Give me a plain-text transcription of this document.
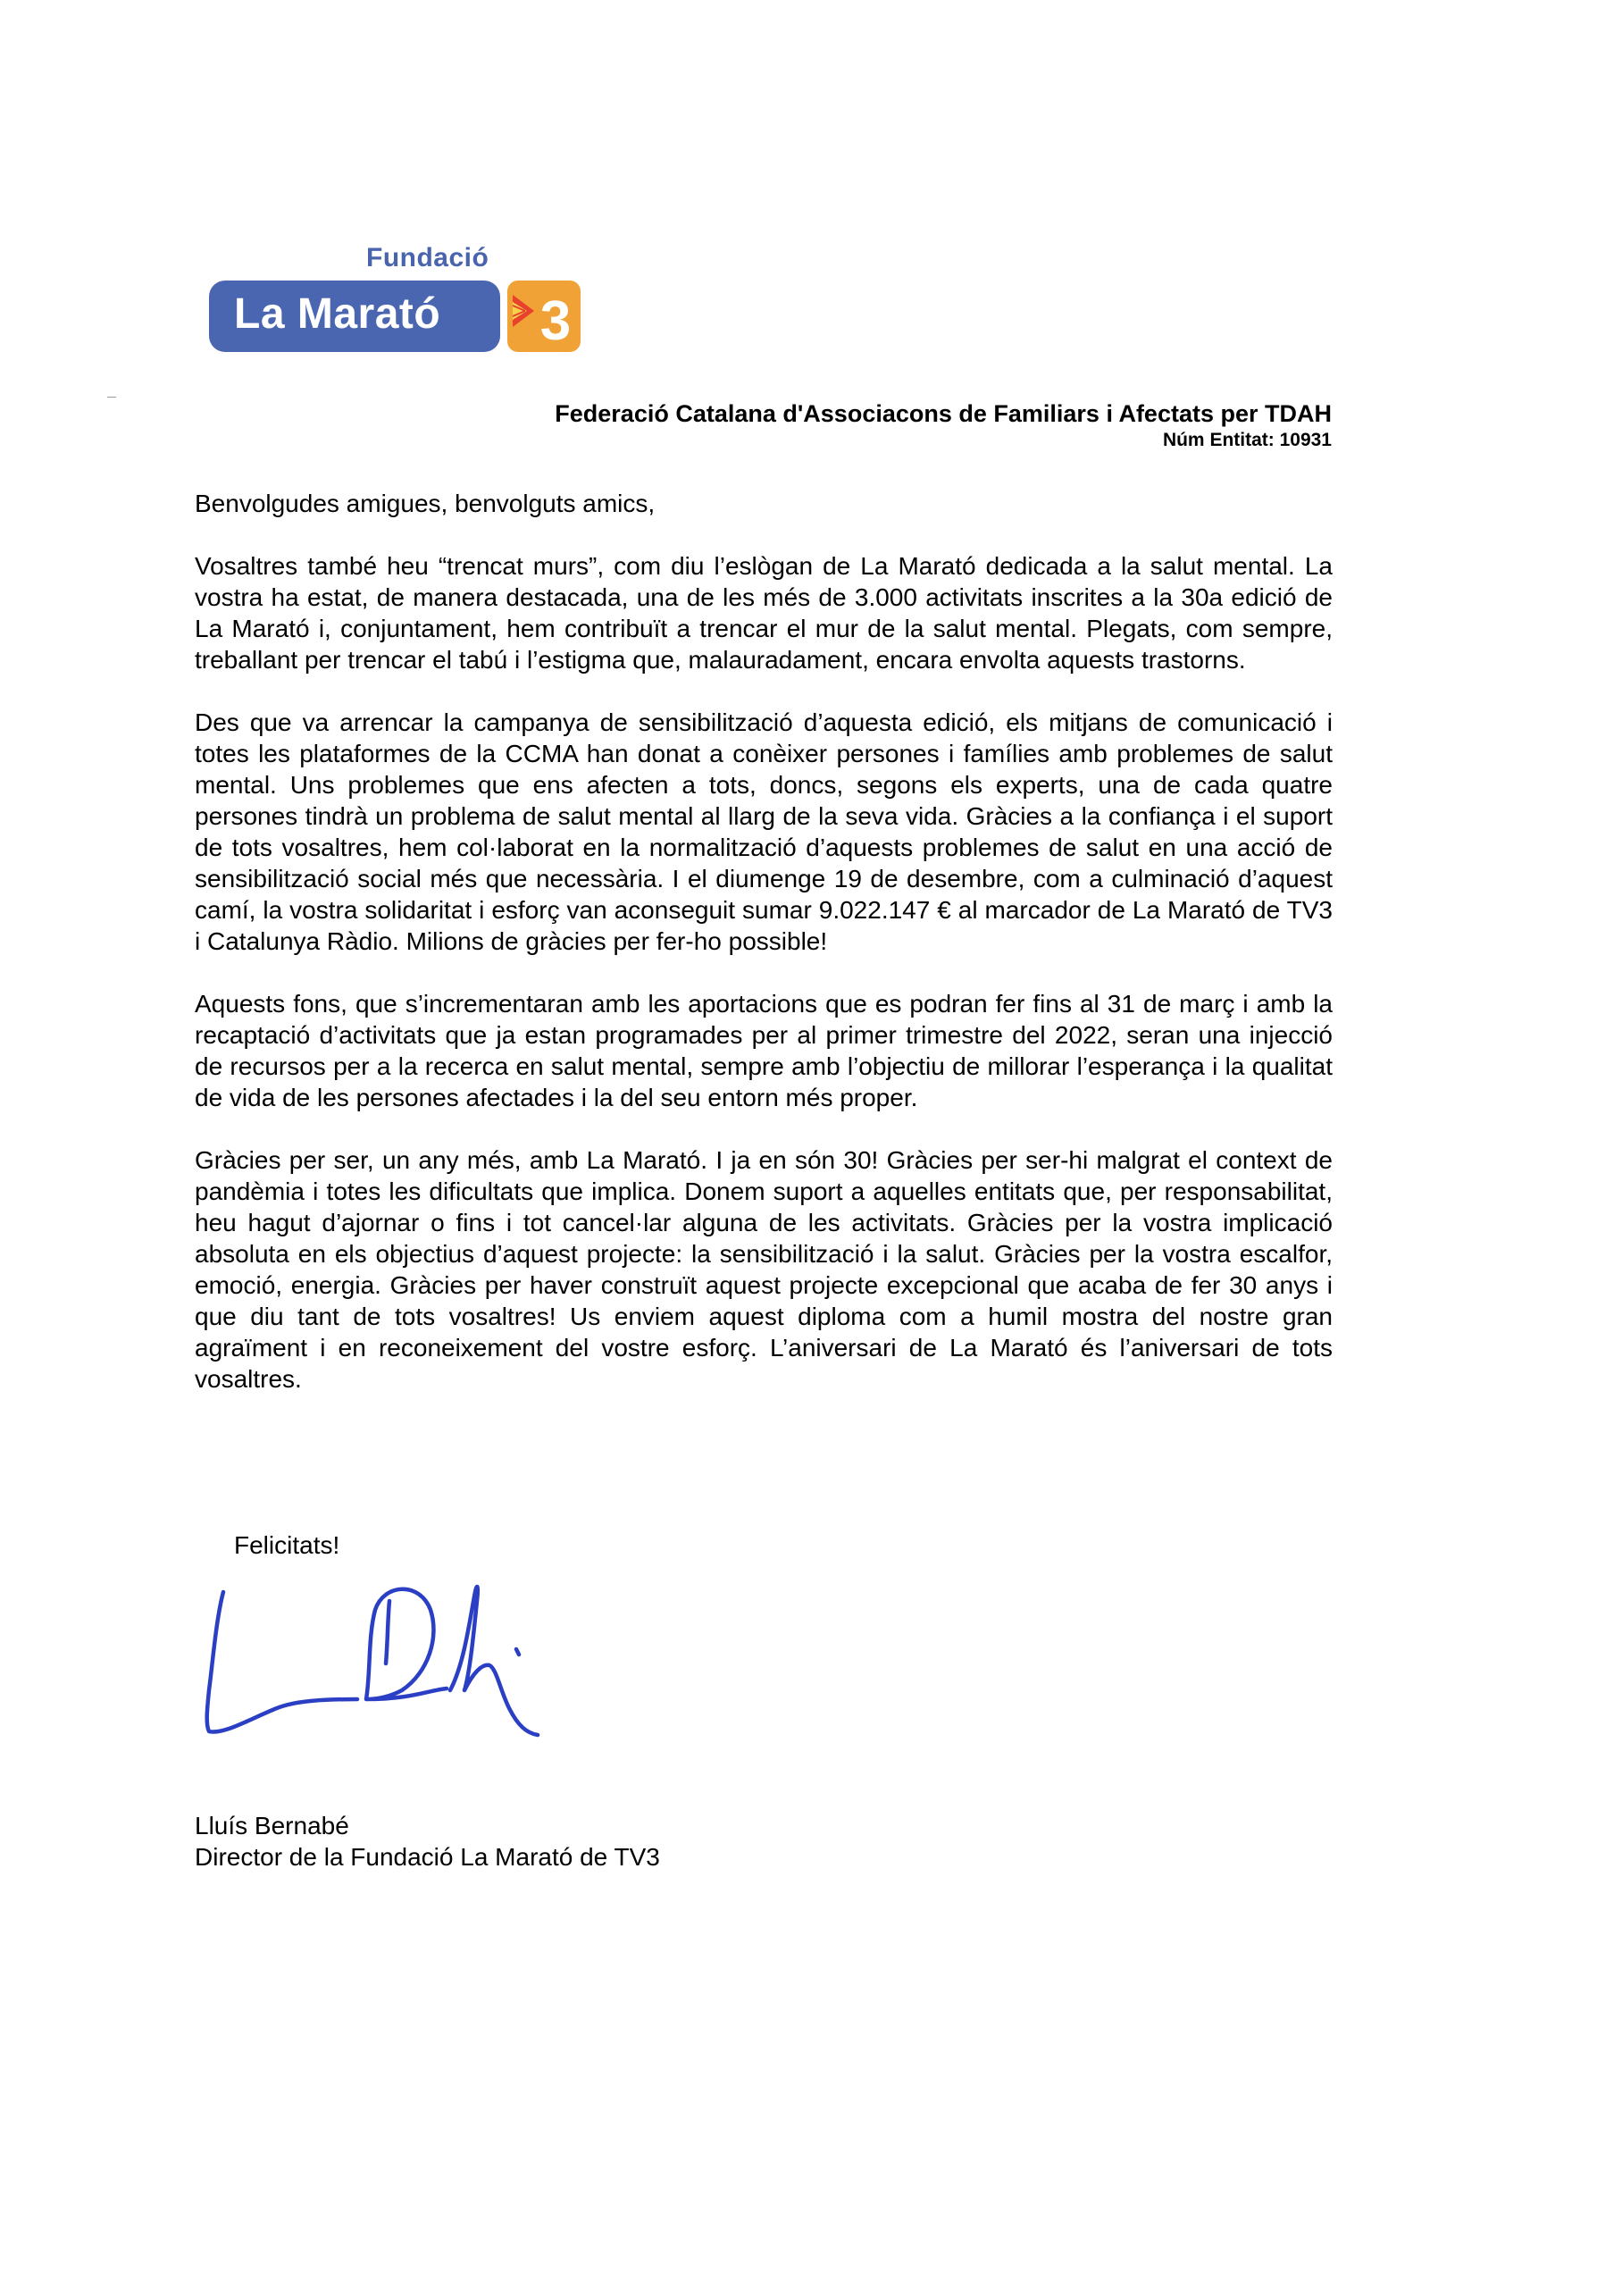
Fundació
La Marató 3
Federació Catalana d'Associacons de Familiars i Afectats per TDAH
Núm Entitat: 10931

Benvolgudes amigues, benvolguts amics,

Vosaltres també heu “trencat murs”, com diu l’eslògan de La Marató dedicada a la salut mental. La vostra ha estat, de manera destacada, una de les més de 3.000 activitats inscrites a la 30a edició de La Marató i, conjuntament, hem contribuït a trencar el mur de la salut mental. Plegats, com sempre, treballant per trencar el tabú i l’estigma que, malauradament, encara envolta aquests trastorns.

Des que va arrencar la campanya de sensibilització d’aquesta edició, els mitjans de comunicació i totes les plataformes de la CCMA han donat a conèixer persones i famílies amb problemes de salut mental. Uns problemes que ens afecten a tots, doncs, segons els experts, una de cada quatre persones tindrà un problema de salut mental al llarg de la seva vida. Gràcies a la confiança i el suport de tots vosaltres, hem col·laborat en la normalització d’aquests problemes de salut en una acció de sensibilització social més que necessària. I el diumenge 19 de desembre, com a culminació d’aquest camí, la vostra solidaritat i esforç van aconseguit sumar 9.022.147 € al marcador de La Marató de TV3 i Catalunya Ràdio. Milions de gràcies per fer-ho possible!

Aquests fons, que s’incrementaran amb les aportacions que es podran fer fins al 31 de març i amb la recaptació d’activitats que ja estan programades per al primer trimestre del 2022, seran una injecció de recursos per a la recerca en salut mental, sempre amb l’objectiu de millorar l’esperança i la qualitat de vida de les persones afectades i la del seu entorn més proper.

Gràcies per ser, un any més, amb La Marató. I ja en són 30! Gràcies per ser-hi malgrat el context de pandèmia i totes les dificultats que implica. Donem suport a aquelles entitats que, per responsabilitat, heu hagut d’ajornar o fins i tot cancel·lar alguna de les activitats. Gràcies per la vostra implicació absoluta en els objectius d’aquest projecte: la sensibilització i la salut. Gràcies per la vostra escalfor, emoció, energia. Gràcies per haver construït aquest projecte excepcional que acaba de fer 30 anys i que diu tant de tots vosaltres! Us enviem aquest diploma com a humil mostra del nostre gran agraïment i en reconeixement del vostre esforç. L’aniversari de La Marató és l’aniversari de tots vosaltres.

Felicitats!
Lluís Bernabé
Director de la Fundació La Marató de TV3
